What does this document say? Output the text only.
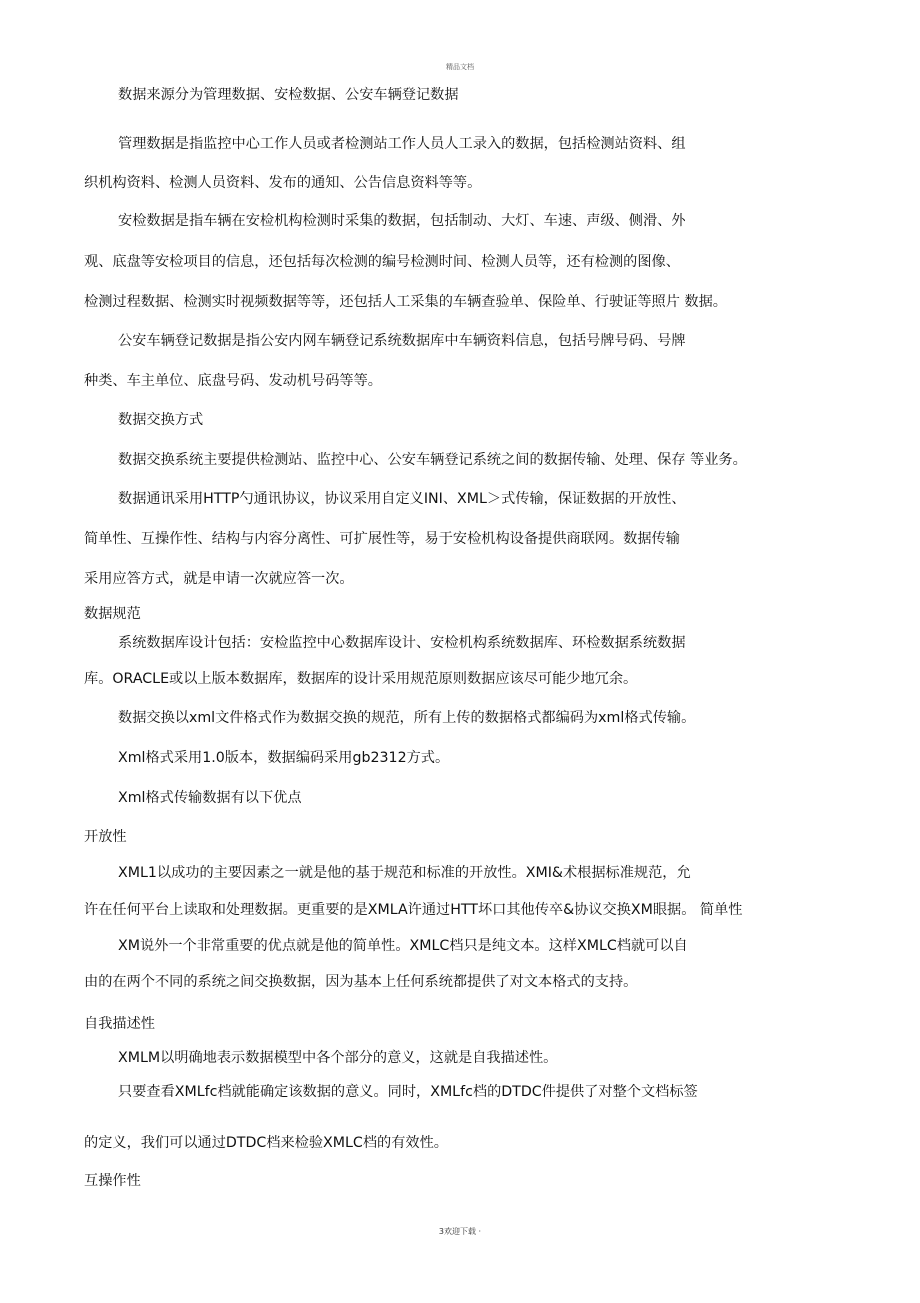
精品文档
数据来源分为管理数据、安检数据、公安车辆登记数据
管理数据是指监控中心工作人员或者检测站工作人员人工录入的数据，包括检测站资料、组
织机构资料、检测人员资料、发布的通知、公告信息资料等等。
安检数据是指车辆在安检机构检测时采集的数据，包括制动、大灯、车速、声级、侧滑、外
观、底盘等安检项目的信息，还包括每次检测的编号检测时间、检测人员等，还有检测的图像、
检测过程数据、检测实时视频数据等等，还包括人工采集的车辆查验单、保险单、行驶证等照片 数据。
公安车辆登记数据是指公安内网车辆登记系统数据库中车辆资料信息，包括号牌号码、号牌
种类、车主单位、底盘号码、发动机号码等等。
数据交换方式
数据交换系统主要提供检测站、监控中心、公安车辆登记系统之间的数据传输、处理、保存 等业务。
数据通讯采用HTTP勺通讯协议，协议采用自定义INI、XML＞式传输，保证数据的开放性、
简单性、互操作性、结构与内容分离性、可扩展性等，易于安检机构设备提供商联网。数据传输
采用应答方式，就是申请一次就应答一次。
数据规范
系统数据库设计包括：安检监控中心数据库设计、安检机构系统数据库、环检数据系统数据
库。ORACLE或以上版本数据库，数据库的设计采用规范原则数据应该尽可能少地冗余。
数据交换以xml文件格式作为数据交换的规范，所有上传的数据格式都编码为xml格式传输。
Xml格式采用1.0版本，数据编码采用gb2312方式。
Xml格式传输数据有以下优点
开放性
XML1以成功的主要因素之一就是他的基于规范和标准的开放性。XMI&术根据标准规范，允
许在任何平台上读取和处理数据。更重要的是XMLA许通过HTT坏口其他传卒&协议交换XM眼据。 简单性
XM说外一个非常重要的优点就是他的简单性。XMLC档只是纯文本。这样XMLC档就可以自
由的在两个不同的系统之间交换数据，因为基本上任何系统都提供了对文本格式的支持。
自我描述性
XMLM以明确地表示数据模型中各个部分的意义，这就是自我描述性。
只要查看XMLfc档就能确定该数据的意义。同时，XMLfc档的DTDC件提供了对整个文档标签
的定义，我们可以通过DTDC档来检验XMLC档的有效性。
互操作性
3欢迎下载 ·
